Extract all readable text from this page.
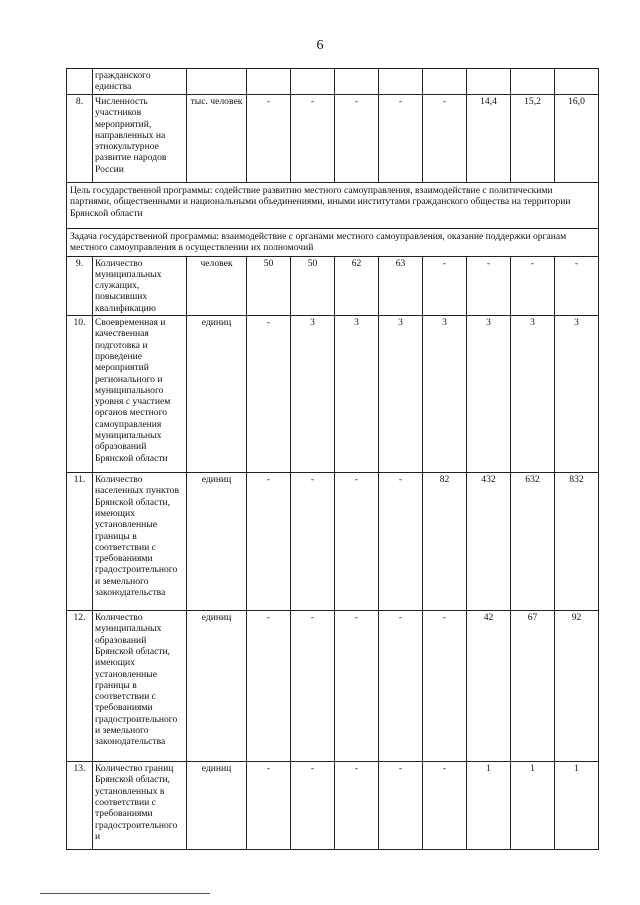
6
	гражданского единства									
8.	Численность участников мероприятий, направленных на этнокультурное развитие народов России	тыс. человек	-	-	-	-	-	14,4	15,2	16,0
Цель государственной программы: содействие развитию местного самоуправления, взаимодействие с политическими партиями, общественными и национальными объединениями, иными институтами гражданского общества на территории Брянской области										
Задача государственной программы: взаимодействие с органами местного самоуправления, оказание поддержки органам местного самоуправления в осуществлении их полномочий										
9.	Количество муниципальных служащих, повысивших квалификацию	человек	50	50	62	63	-	-	-	-
10.	Своевременная и качественная подготовка и проведение мероприятий регионального и муниципального уровня с участием органов местного самоуправления муниципальных образований Брянской области	единиц	-	3	3	3	3	3	3	3
11.	Количество населенных пунктов Брянской области, имеющих установленные границы в соответствии с требованиями градостроительного и земельного законодательства	единиц	-	-	-	-	82	432	632	832
12.	Количество муниципальных образований Брянской области, имеющих установленные границы в соответствии с требованиями градостроительного и земельного законодательства	единиц	-	-	-	-	-	42	67	92
13.	Количество границ Брянской области, установленных в соответствии с требованиями градостроительного и	единиц	-	-	-	-	-	1	1	1
